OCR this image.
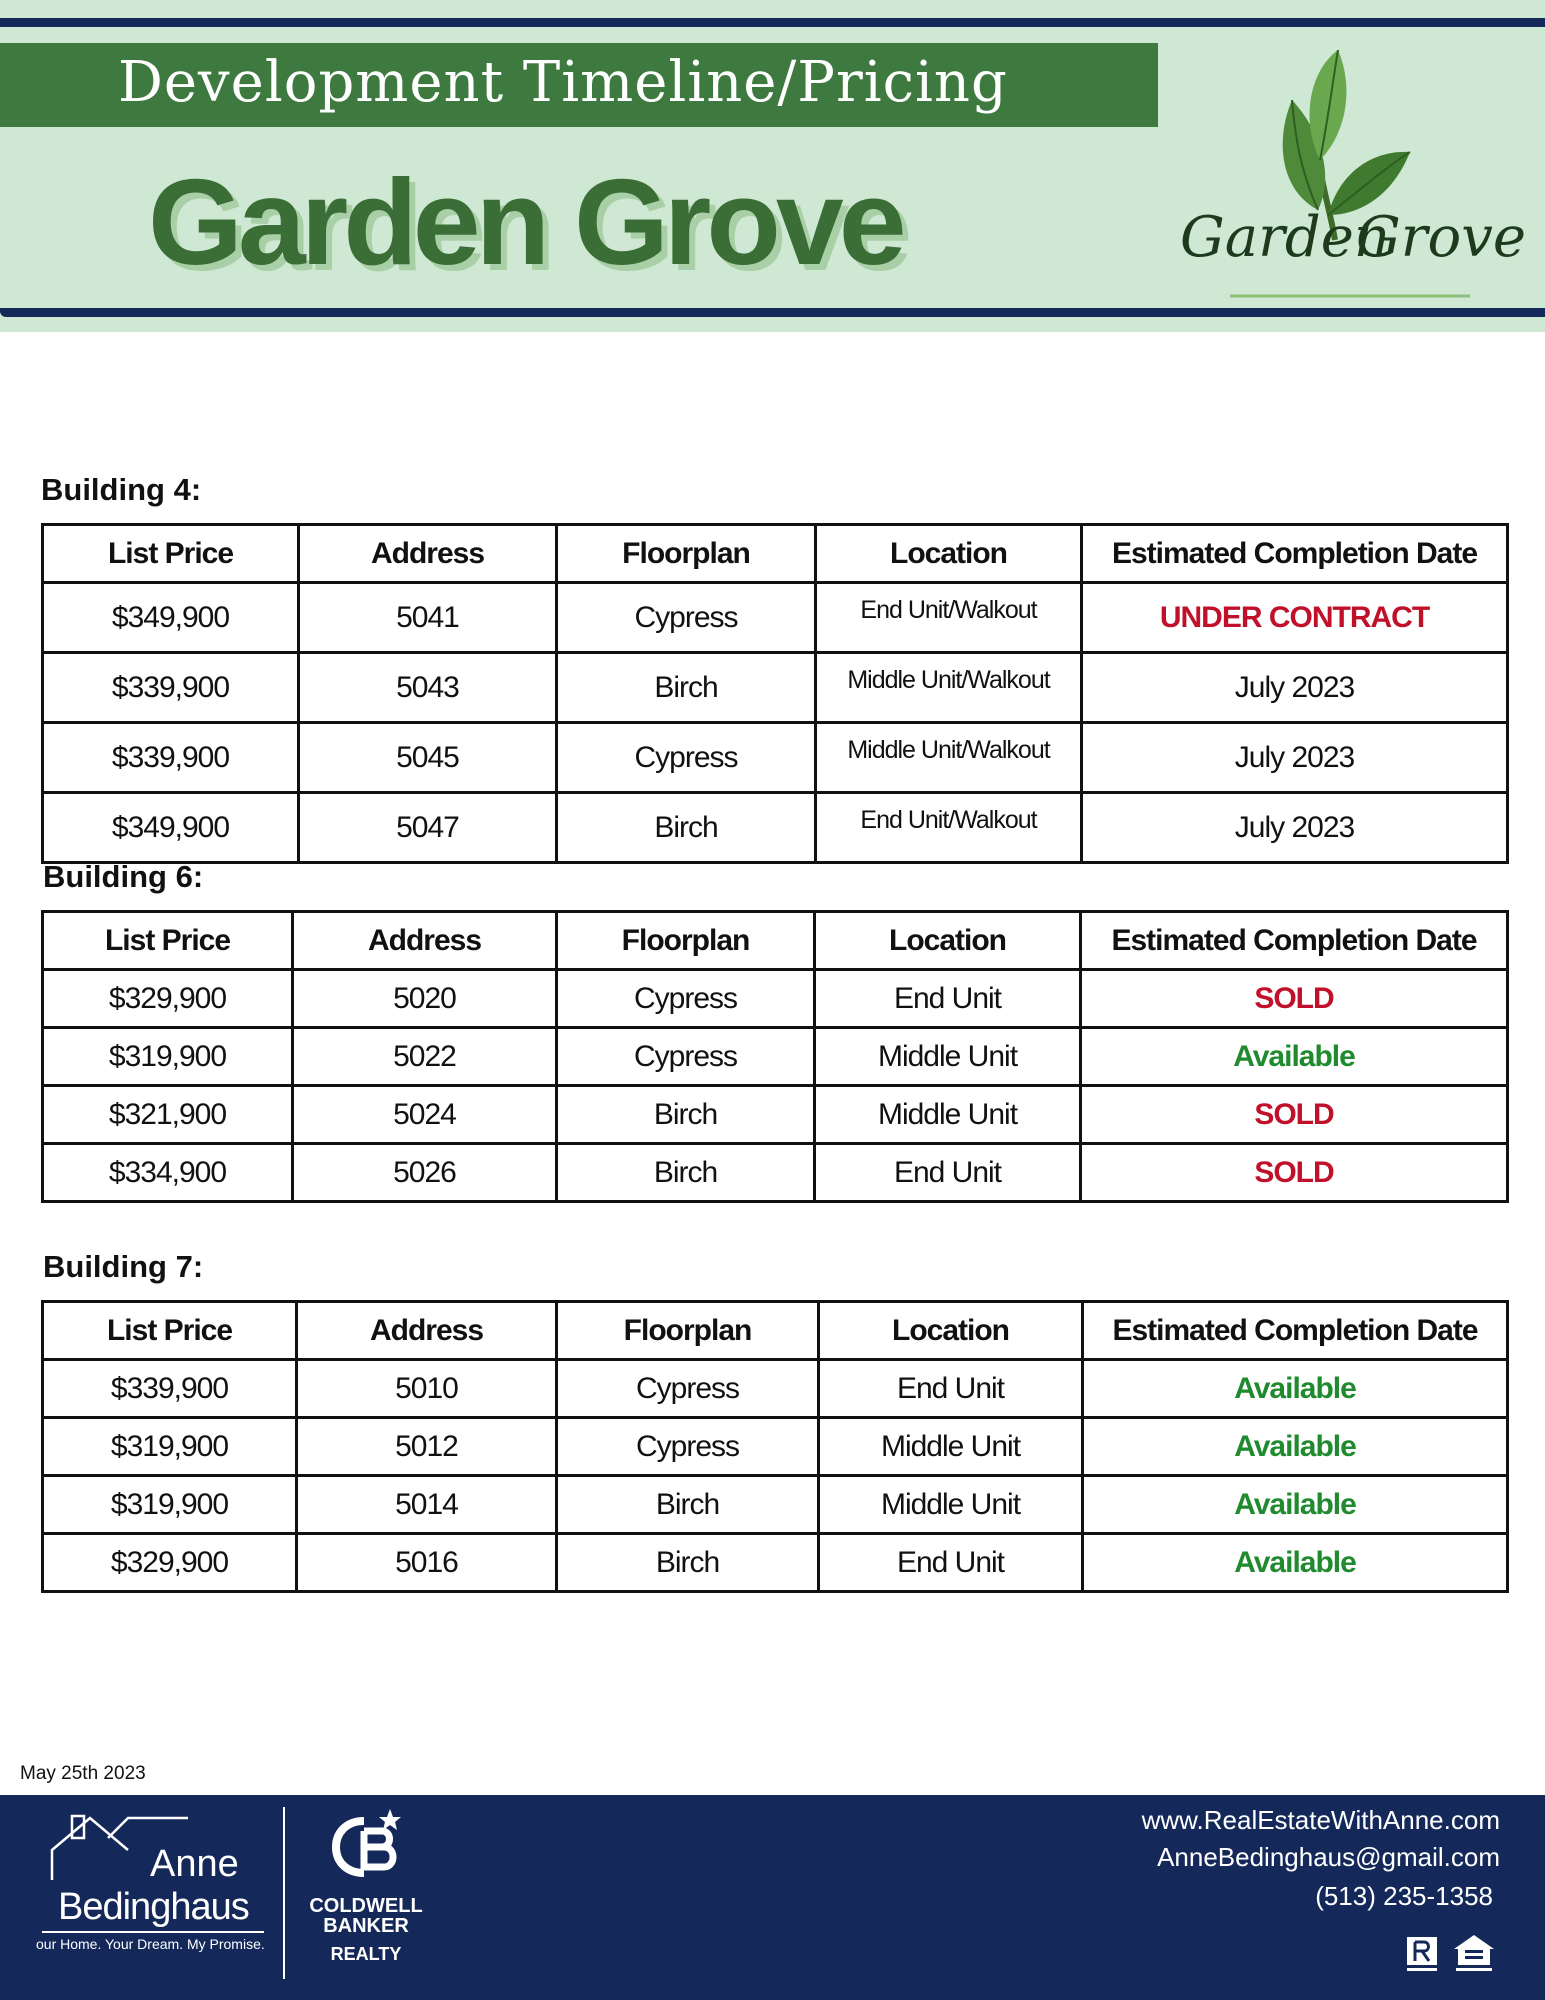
Development Timeline/Pricing
Garden Grove	Garden
Grove
Building 4:
List Price	Address	Floorplan	Location	Estimated Completion Date
$349,900	5041	Cypress	End Unit/Walkout	UNDER CONTRACT
$339,900	5043	Birch	Middle Unit/Walkout	July 2023
$339,900	5045	Cypress	Middle Unit/Walkout	July 2023
$349,900	5047	Birch	End Unit/Walkout	July 2023
Building 6:
List Price	Address	Floorplan	Location	Estimated Completion Date
$329,900	5020	Cypress	End Unit	SOLD
$319,900	5022	Cypress	Middle Unit	Available
$321,900	5024	Birch	Middle Unit	SOLD
$334,900	5026	Birch	End Unit	SOLD
Building 7:
List Price	Address	Floorplan	Location	Estimated Completion Date
$339,900	5010	Cypress	End Unit	Available
$319,900	5012	Cypress	Middle Unit	Available
$319,900	5014	Birch	Middle Unit	Available
$329,900	5016	Birch	End Unit	Available
May 25th 2023
Anne
Bedinghaus
our Home. Your Dream. My Promise.
COLDWELL
BANKER
REALTY
www.RealEstateWithAnne.com
AnneBedinghaus@gmail.com
(513) 235-1358
